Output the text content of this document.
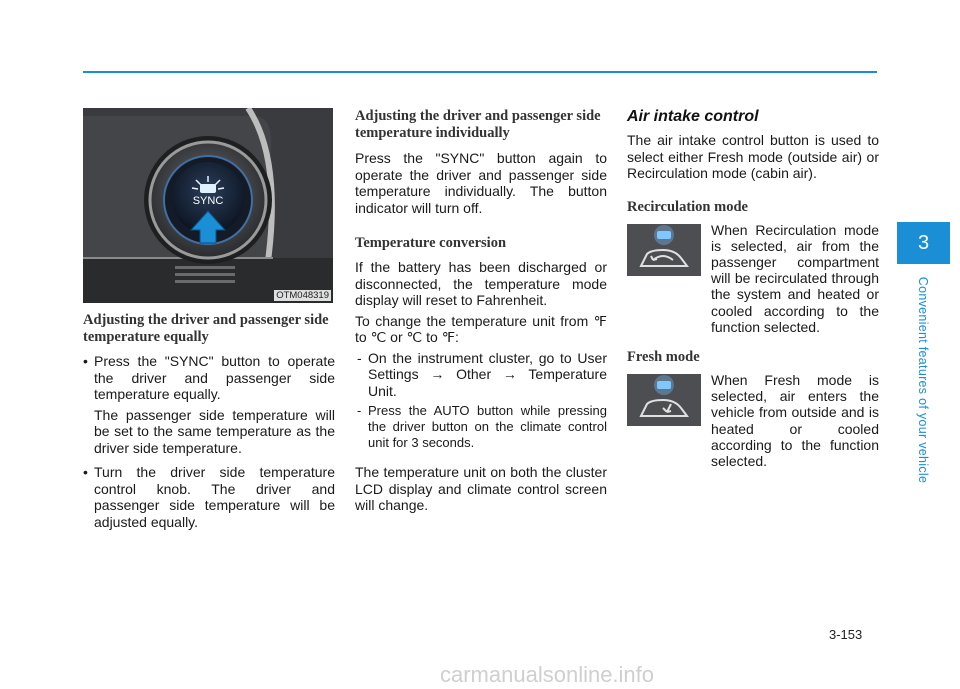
SYNC
OTM048319
Adjusting the driver and passenger side temperature equally
• Press the "SYNC" button to operate the driver and passenger side temperature equally.

The passenger side temperature will be set to the same temperature as the driver side temperature.

• Turn the driver side temperature control knob. The driver and passenger side temperature will be adjusted equally.
Adjusting the driver and passenger side temperature individually

Press the "SYNC" button again to operate the driver and passenger side temperature individually. The button indicator will turn off.

Temperature conversion

If the battery has been discharged or disconnected, the temperature mode display will reset to Fahrenheit.

To change the temperature unit from ℉ to ℃ or ℃ to ℉:

- On the instrument cluster, go to User Settings → Other → Temperature Unit.
- Press the AUTO button while pressing the driver button on the climate control unit for 3 seconds.

The temperature unit on both the cluster LCD display and climate control screen will change.

Air intake control

The air intake control button is used to select either Fresh mode (outside air) or Recirculation mode (cabin air).

Recirculation mode
When Recirculation mode is selected, air from the passenger compartment will be recirculated through the system and heated or cooled according to the function selected.
Fresh mode
When Fresh mode is selected, air enters the vehicle from outside and is heated or cooled according to the function selected.
3
Convenient features of your vehicle
3-153
carmanualsonline.info
